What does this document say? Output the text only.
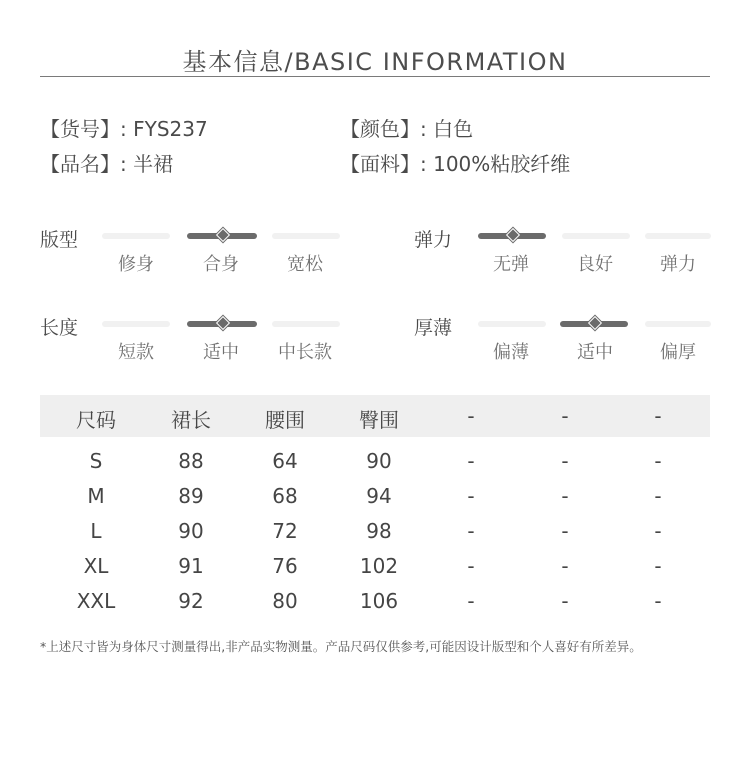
基本信息/BASIC INFORMATION
【货号】: FYS237	【颜色】: 白色
【品名】: 半裙	【面料】: 100%粘胶纤维
版型
修身	合身	宽松
弹力
无弹	良好	弹力
长度
短款	适中	中长款
厚薄
偏薄	适中	偏厚
尺码	裙长	腰围	臀围	-	-	-
S	88	64	90	-	-	-
M	89	68	94	-	-	-
L	90	72	98	-	-	-
XL	91	76	102	-	-	-
XXL	92	80	106	-	-	-
*上述尺寸皆为身体尺寸测量得出,非产品实物测量。产品尺码仅供参考,可能因设计版型和个人喜好有所差异。
